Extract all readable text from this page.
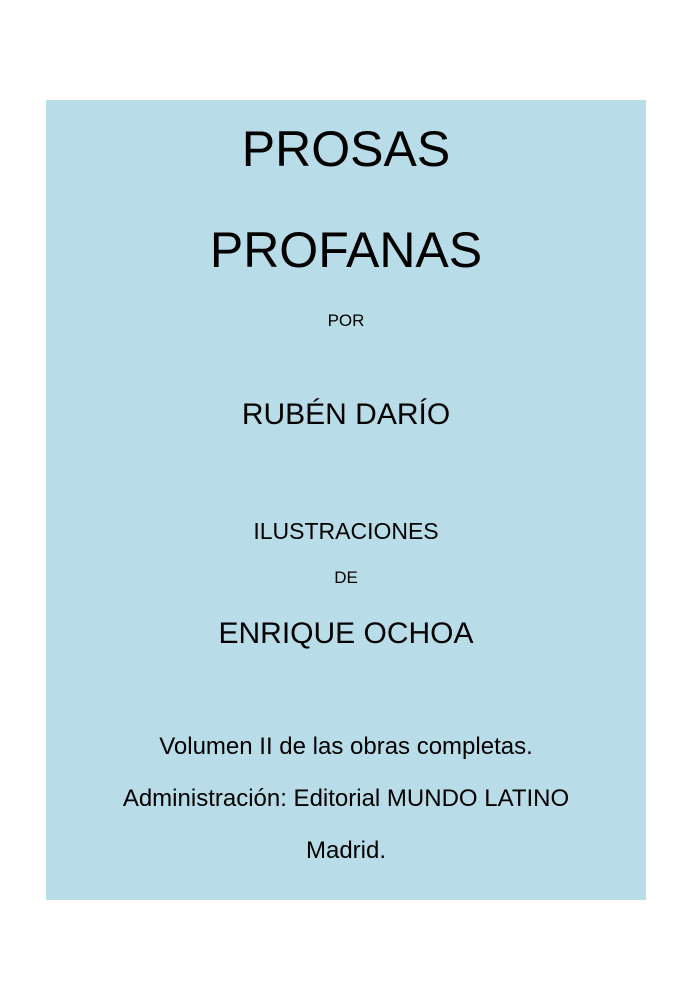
PROSAS
PROFANAS
POR
RUBÉN DARÍO
ILUSTRACIONES
DE
ENRIQUE OCHOA
Volumen II de las obras completas.
Administración: Editorial MUNDO LATINO
Madrid.
